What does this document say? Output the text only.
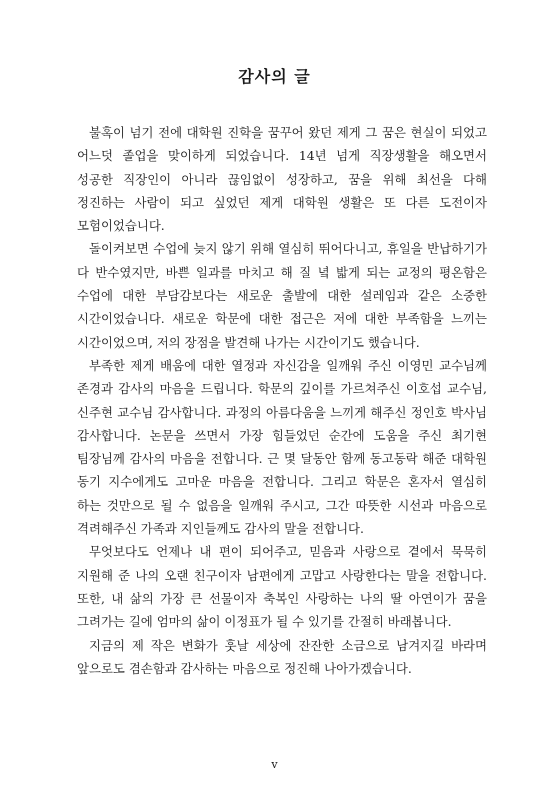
감사의 글

불혹이 넘기 전에 대학원 진학을 꿈꾸어 왔던 제게 그 꿈은 현실이 되었고 어느덧 졸업을 맞이하게 되었습니다. 14년 넘게 직장생활을 해오면서 성공한 직장인이 아니라 끊임없이 성장하고, 꿈을 위해 최선을 다해 정진하는 사람이 되고 싶었던 제게 대학원 생활은 또 다른 도전이자 모험이었습니다.

돌이켜보면 수업에 늦지 않기 위해 열심히 뛰어다니고, 휴일을 반납하기가 다 반수였지만, 바쁜 일과를 마치고 해 질 녘 밟게 되는 교정의 평온함은 수업에 대한 부담감보다는 새로운 출발에 대한 설레임과 같은 소중한 시간이었습니다. 새로운 학문에 대한 접근은 저에 대한 부족함을 느끼는 시간이었으며, 저의 장점을 발견해 나가는 시간이기도 했습니다.

부족한 제게 배움에 대한 열정과 자신감을 일깨워 주신 이영민 교수님께 존경과 감사의 마음을 드립니다. 학문의 깊이를 가르쳐주신 이호섭 교수님, 신주현 교수님 감사합니다. 과정의 아름다움을 느끼게 해주신 정인호 박사님 감사합니다. 논문을 쓰면서 가장 힘들었던 순간에 도움을 주신 최기현 팀장님께 감사의 마음을 전합니다. 근 몇 달동안 함께 동고동락 해준 대학원 동기 지수에게도 고마운 마음을 전합니다. 그리고 학문은 혼자서 열심히 하는 것만으로 될 수 없음을 일깨워 주시고, 그간 따뜻한 시선과 마음으로 격려해주신 가족과 지인들께도 감사의 말을 전합니다.

무엇보다도 언제나 내 편이 되어주고, 믿음과 사랑으로 곁에서 묵묵히 지원해 준 나의 오랜 친구이자 남편에게 고맙고 사랑한다는 말을 전합니다. 또한, 내 삶의 가장 큰 선물이자 축복인 사랑하는 나의 딸 아연이가 꿈을 그려가는 길에 엄마의 삶이 이정표가 될 수 있기를 간절히 바래봅니다.

지금의 제 작은 변화가 훗날 세상에 잔잔한 소금으로 남겨지길 바라며 앞으로도 겸손함과 감사하는 마음으로 정진해 나아가겠습니다.

v
